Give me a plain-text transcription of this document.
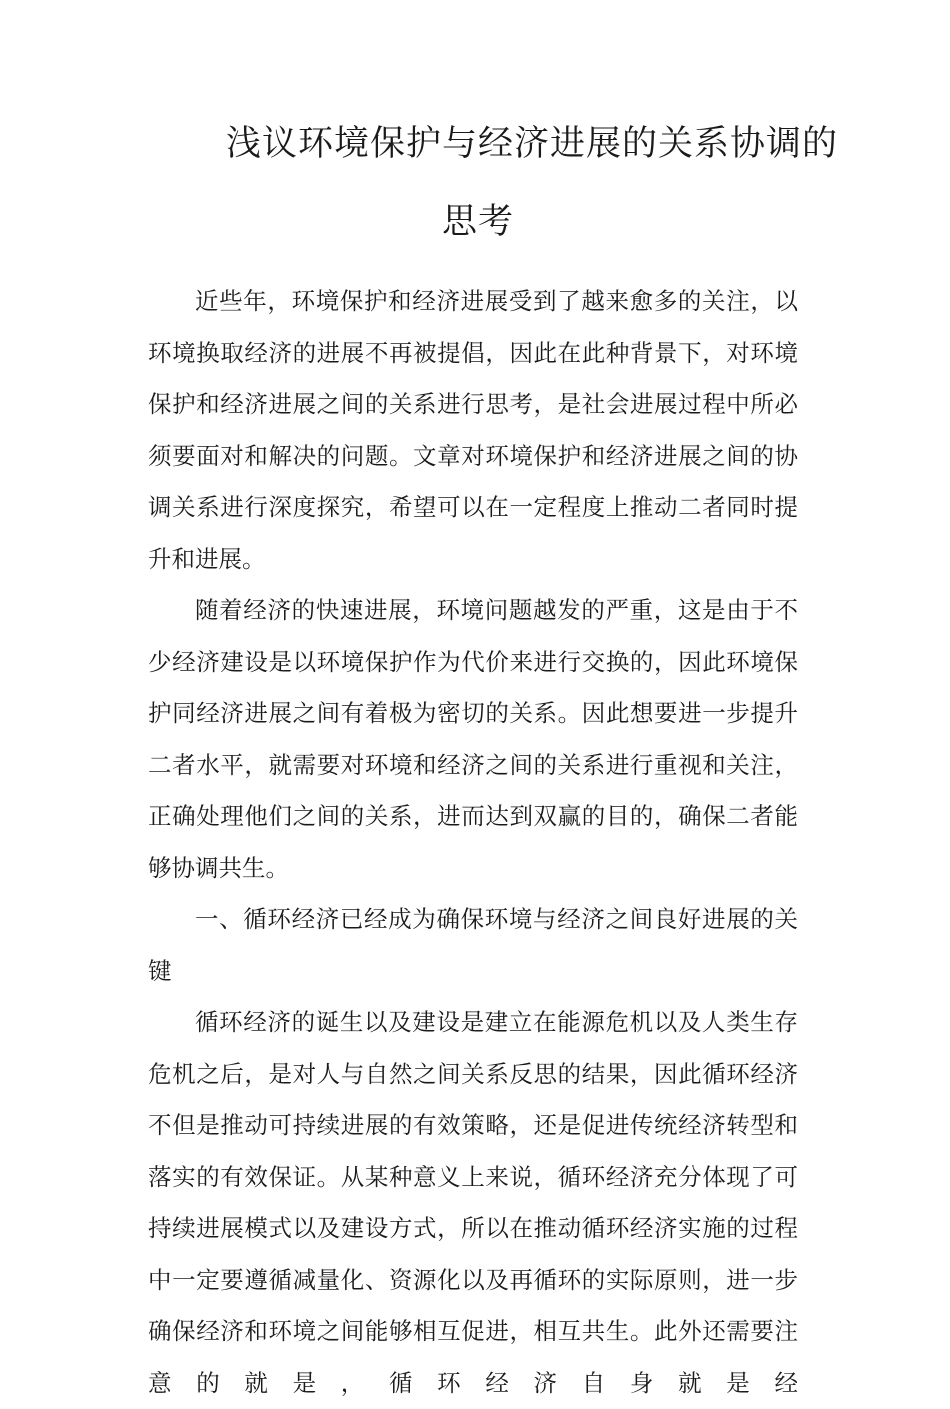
浅议环境保护与经济进展的关系协调的
思考

近些年，环境保护和经济进展受到了越来愈多的关注，以环境换取经济的进展不再被提倡，因此在此种背景下，对环境保护和经济进展之间的关系进行思考，是社会进展过程中所必须要面对和解决的问题。文章对环境保护和经济进展之间的协调关系进行深度探究，希望可以在一定程度上推动二者同时提升和进展。

随着经济的快速进展，环境问题越发的严重，这是由于不少经济建设是以环境保护作为代价来进行交换的，因此环境保护同经济进展之间有着极为密切的关系。因此想要进一步提升二者水平，就需要对环境和经济之间的关系进行重视和关注，正确处理他们之间的关系，进而达到双赢的目的，确保二者能够协调共生。

一、循环经济已经成为确保环境与经济之间良好进展的关键

循环经济的诞生以及建设是建立在能源危机以及人类生存危机之后，是对人与自然之间关系反思的结果，因此循环经济不但是推动可持续进展的有效策略，还是促进传统经济转型和落实的有效保证。从某种意义上来说，循环经济充分体现了可持续进展模式以及建设方式，所以在推动循环经济实施的过程中一定要遵循减量化、资源化以及再循环的实际原则，进一步确保经济和环境之间能够相互促进，相互共生。此外还需要注意的就是，循环经济自身就是经
